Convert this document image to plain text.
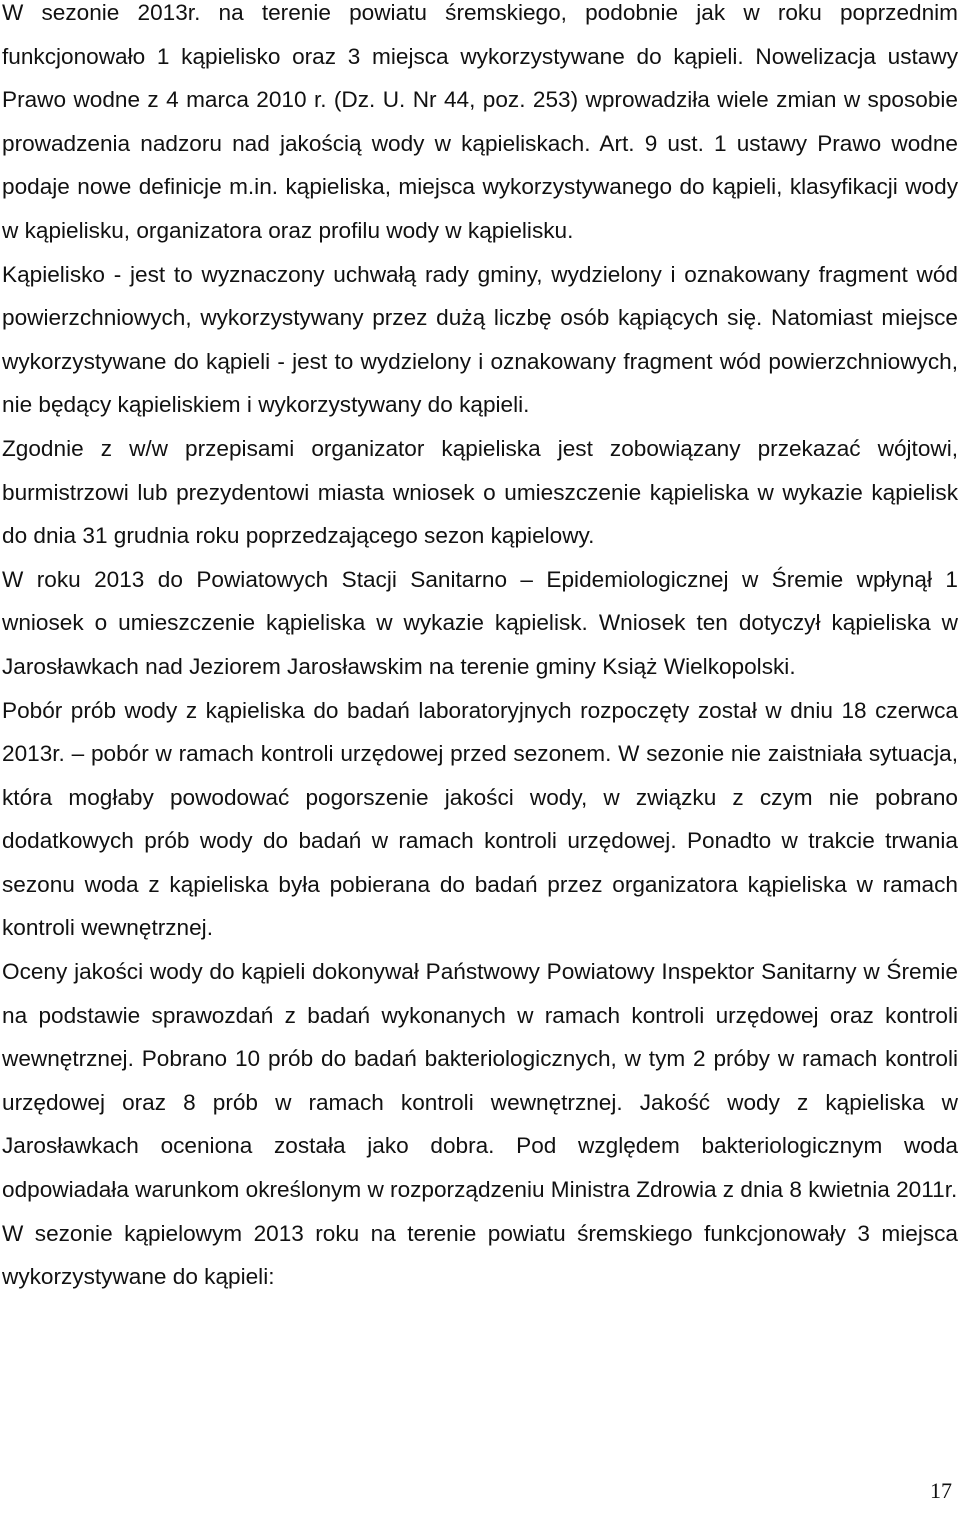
W sezonie 2013r. na terenie powiatu śremskiego, podobnie jak w roku poprzednim funkcjonowało 1 kąpielisko oraz 3 miejsca wykorzystywane do kąpieli. Nowelizacja ustawy Prawo wodne z 4 marca 2010 r. (Dz. U. Nr 44, poz. 253) wprowadziła wiele zmian w sposobie prowadzenia nadzoru nad jakością wody w kąpieliskach. Art. 9 ust. 1 ustawy Prawo wodne podaje nowe definicje m.in. kąpieliska, miejsca wykorzystywanego do kąpieli, klasyfikacji wody w kąpielisku, organizatora oraz profilu wody w kąpielisku.

Kąpielisko - jest to wyznaczony uchwałą rady gminy, wydzielony i oznakowany fragment wód powierzchniowych, wykorzystywany przez dużą liczbę osób kąpiących się. Natomiast miejsce wykorzystywane do kąpieli - jest to wydzielony i oznakowany fragment wód powierzchniowych, nie będący kąpieliskiem i wykorzystywany do kąpieli.

Zgodnie z w/w przepisami organizator kąpieliska jest zobowiązany przekazać wójtowi, burmistrzowi lub prezydentowi miasta wniosek o umieszczenie kąpieliska w wykazie kąpielisk do dnia 31 grudnia roku poprzedzającego sezon kąpielowy.

W roku 2013 do Powiatowych Stacji Sanitarno – Epidemiologicznej w Śremie wpłynął 1 wniosek o umieszczenie kąpieliska w wykazie kąpielisk. Wniosek ten dotyczył kąpieliska w Jarosławkach nad Jeziorem Jarosławskim na terenie gminy Książ Wielkopolski.

Pobór prób wody z kąpieliska do badań laboratoryjnych rozpoczęty został w dniu 18 czerwca 2013r. – pobór w ramach kontroli urzędowej przed sezonem. W sezonie nie zaistniała sytuacja, która mogłaby powodować pogorszenie jakości wody, w związku z czym nie pobrano dodatkowych prób wody do badań w ramach kontroli urzędowej. Ponadto w trakcie trwania sezonu woda z kąpieliska była pobierana do badań przez organizatora kąpieliska w ramach kontroli wewnętrznej.

Oceny jakości wody do kąpieli dokonywał Państwowy Powiatowy Inspektor Sanitarny w Śremie na podstawie sprawozdań z badań wykonanych w ramach kontroli urzędowej oraz kontroli wewnętrznej. Pobrano 10 prób do badań bakteriologicznych, w tym 2 próby w ramach kontroli urzędowej oraz 8 prób w ramach kontroli wewnętrznej. Jakość wody z kąpieliska w Jarosławkach oceniona została jako dobra. Pod względem bakteriologicznym woda odpowiadała warunkom określonym w rozporządzeniu Ministra Zdrowia z dnia 8 kwietnia 2011r.

W sezonie kąpielowym 2013 roku na terenie powiatu śremskiego funkcjonowały 3 miejsca wykorzystywane do kąpieli:

17
